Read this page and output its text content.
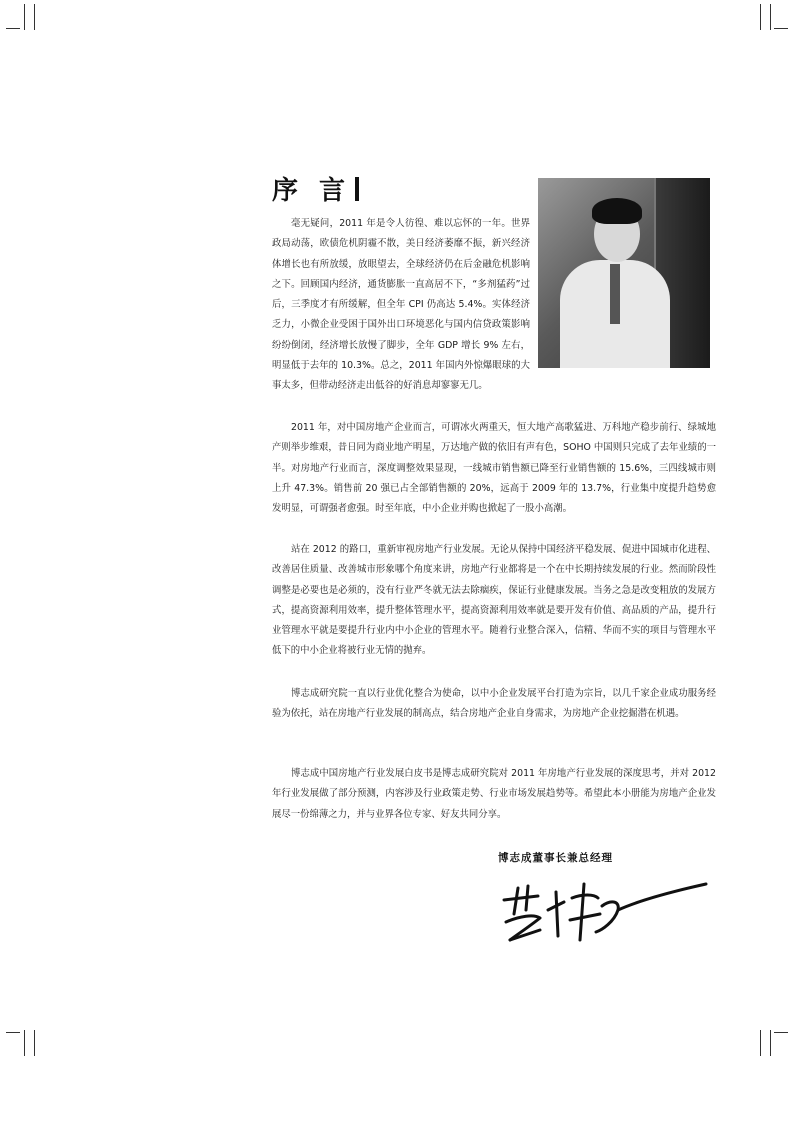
序 言

毫无疑问，2011 年是令人彷徨、难以忘怀的一年。世界政局动荡，欧债危机阴霾不散，美日经济萎靡不振，新兴经济体增长也有所放缓，放眼望去，全球经济仍在后金融危机影响之下。回顾国内经济，通货膨胀一直高居不下，“多剂猛药”过后，三季度才有所缓解，但全年 CPI 仍高达 5.4%。实体经济乏力，小微企业受困于国外出口环境恶化与国内信贷政策影响纷纷倒闭，经济增长放慢了脚步，全年 GDP 增长 9% 左右，明显低于去年的 10.3%。总之，2011 年国内外惊爆眼球的大事太多，但带动经济走出低谷的好消息却寥寥无几。

2011 年，对中国房地产企业而言，可谓冰火两重天，恒大地产高歌猛进、万科地产稳步前行、绿城地产则举步维艰，昔日同为商业地产明星，万达地产做的依旧有声有色，SOHO 中国则只完成了去年业绩的一半。对房地产行业而言，深度调整效果显现，一线城市销售额已降至行业销售额的 15.6%，三四线城市则上升 47.3%。销售前 20 强已占全部销售额的 20%，远高于 2009 年的 13.7%，行业集中度提升趋势愈发明显，可谓强者愈强。时至年底，中小企业并购也掀起了一股小高潮。

站在 2012 的路口，重新审视房地产行业发展。无论从保持中国经济平稳发展、促进中国城市化进程、改善居住质量、改善城市形象哪个角度来讲，房地产行业都将是一个在中长期持续发展的行业。然而阶段性调整是必要也是必须的，没有行业严冬就无法去除痼疾，保证行业健康发展。当务之急是改变粗放的发展方式，提高资源利用效率，提升整体管理水平，提高资源利用效率就是要开发有价值、高品质的产品，提升行业管理水平就是要提升行业内中小企业的管理水平。随着行业整合深入，信精、华而不实的项目与管理水平低下的中小企业将被行业无情的抛弃。

博志成研究院一直以行业优化整合为使命，以中小企业发展平台打造为宗旨，以几千家企业成功服务经验为依托，站在房地产行业发展的制高点，结合房地产企业自身需求，为房地产企业挖掘潜在机遇。

博志成中国房地产行业发展白皮书是博志成研究院对 2011 年房地产行业发展的深度思考，并对 2012 年行业发展做了部分预测，内容涉及行业政策走势、行业市场发展趋势等。希望此本小册能为房地产企业发展尽一份绵薄之力，并与业界各位专家、好友共同分享。

博志成董事长兼总经理
